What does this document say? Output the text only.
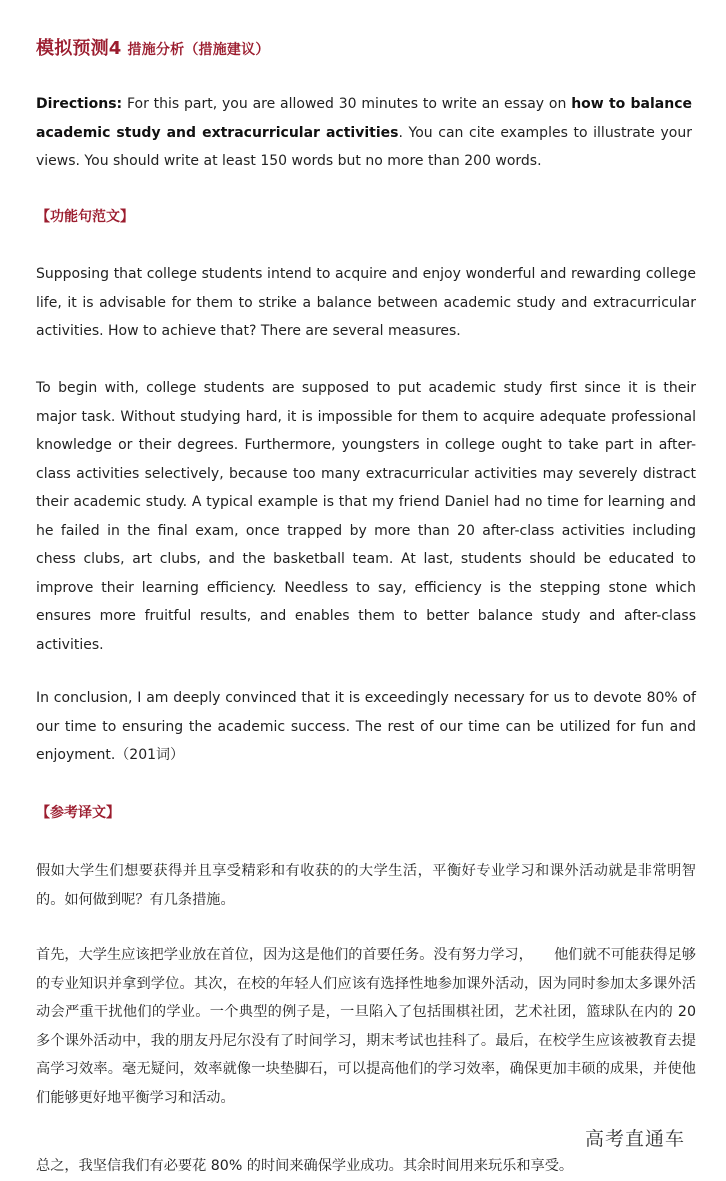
模拟预测4 措施分析（措施建议）
Directions: For this part, you are allowed 30 minutes to write an essay on how to balance academic study and extracurricular activities. You can cite examples to illustrate your views. You should write at least 150 words but no more than 200 words.
【功能句范文】
Supposing that college students intend to acquire and enjoy wonderful and rewarding college life, it is advisable for them to strike a balance between academic study and extracurricular activities. How to achieve that? There are several measures.
To begin with, college students are supposed to put academic study first since it is their major task. Without studying hard, it is impossible for them to acquire adequate professional knowledge or their degrees. Furthermore, youngsters in college ought to take part in after-class activities selectively, because too many extracurricular activities may severely distract their academic study. A typical example is that my friend Daniel had no time for learning and he failed in the final exam, once trapped by more than 20 after-class activities including chess clubs, art clubs, and the basketball team. At last, students should be educated to improve their learning efficiency. Needless to say, efficiency is the stepping stone which ensures more fruitful results, and enables them to better balance study and after-class activities.
In conclusion, I am deeply convinced that it is exceedingly necessary for us to devote 80% of our time to ensuring the academic success. The rest of our time can be utilized for fun and enjoyment.（201词）
【参考译文】
假如大学生们想要获得并且享受精彩和有收获的的大学生活，平衡好专业学习和课外活动就是非常明智的。如何做到呢？有几条措施。
首先，大学生应该把学业放在首位，因为这是他们的首要任务。没有努力学习，　　他们就不可能获得足够的专业知识并拿到学位。其次，在校的年轻人们应该有选择性地参加课外活动，因为同时参加太多课外活动会严重干扰他们的学业。一个典型的例子是，一旦陷入了包括围棋社团，艺术社团，篮球队在内的 20 多个课外活动中，我的朋友丹尼尔没有了时间学习，期末考试也挂科了。最后，在校学生应该被教育去提高学习效率。毫无疑问，效率就像一块垫脚石，可以提高他们的学习效率，确保更加丰硕的成果，并使他们能够更好地平衡学习和活动。
总之，我坚信我们有必要花 80% 的时间来确保学业成功。其余时间用来玩乐和享受。
高考直通车
